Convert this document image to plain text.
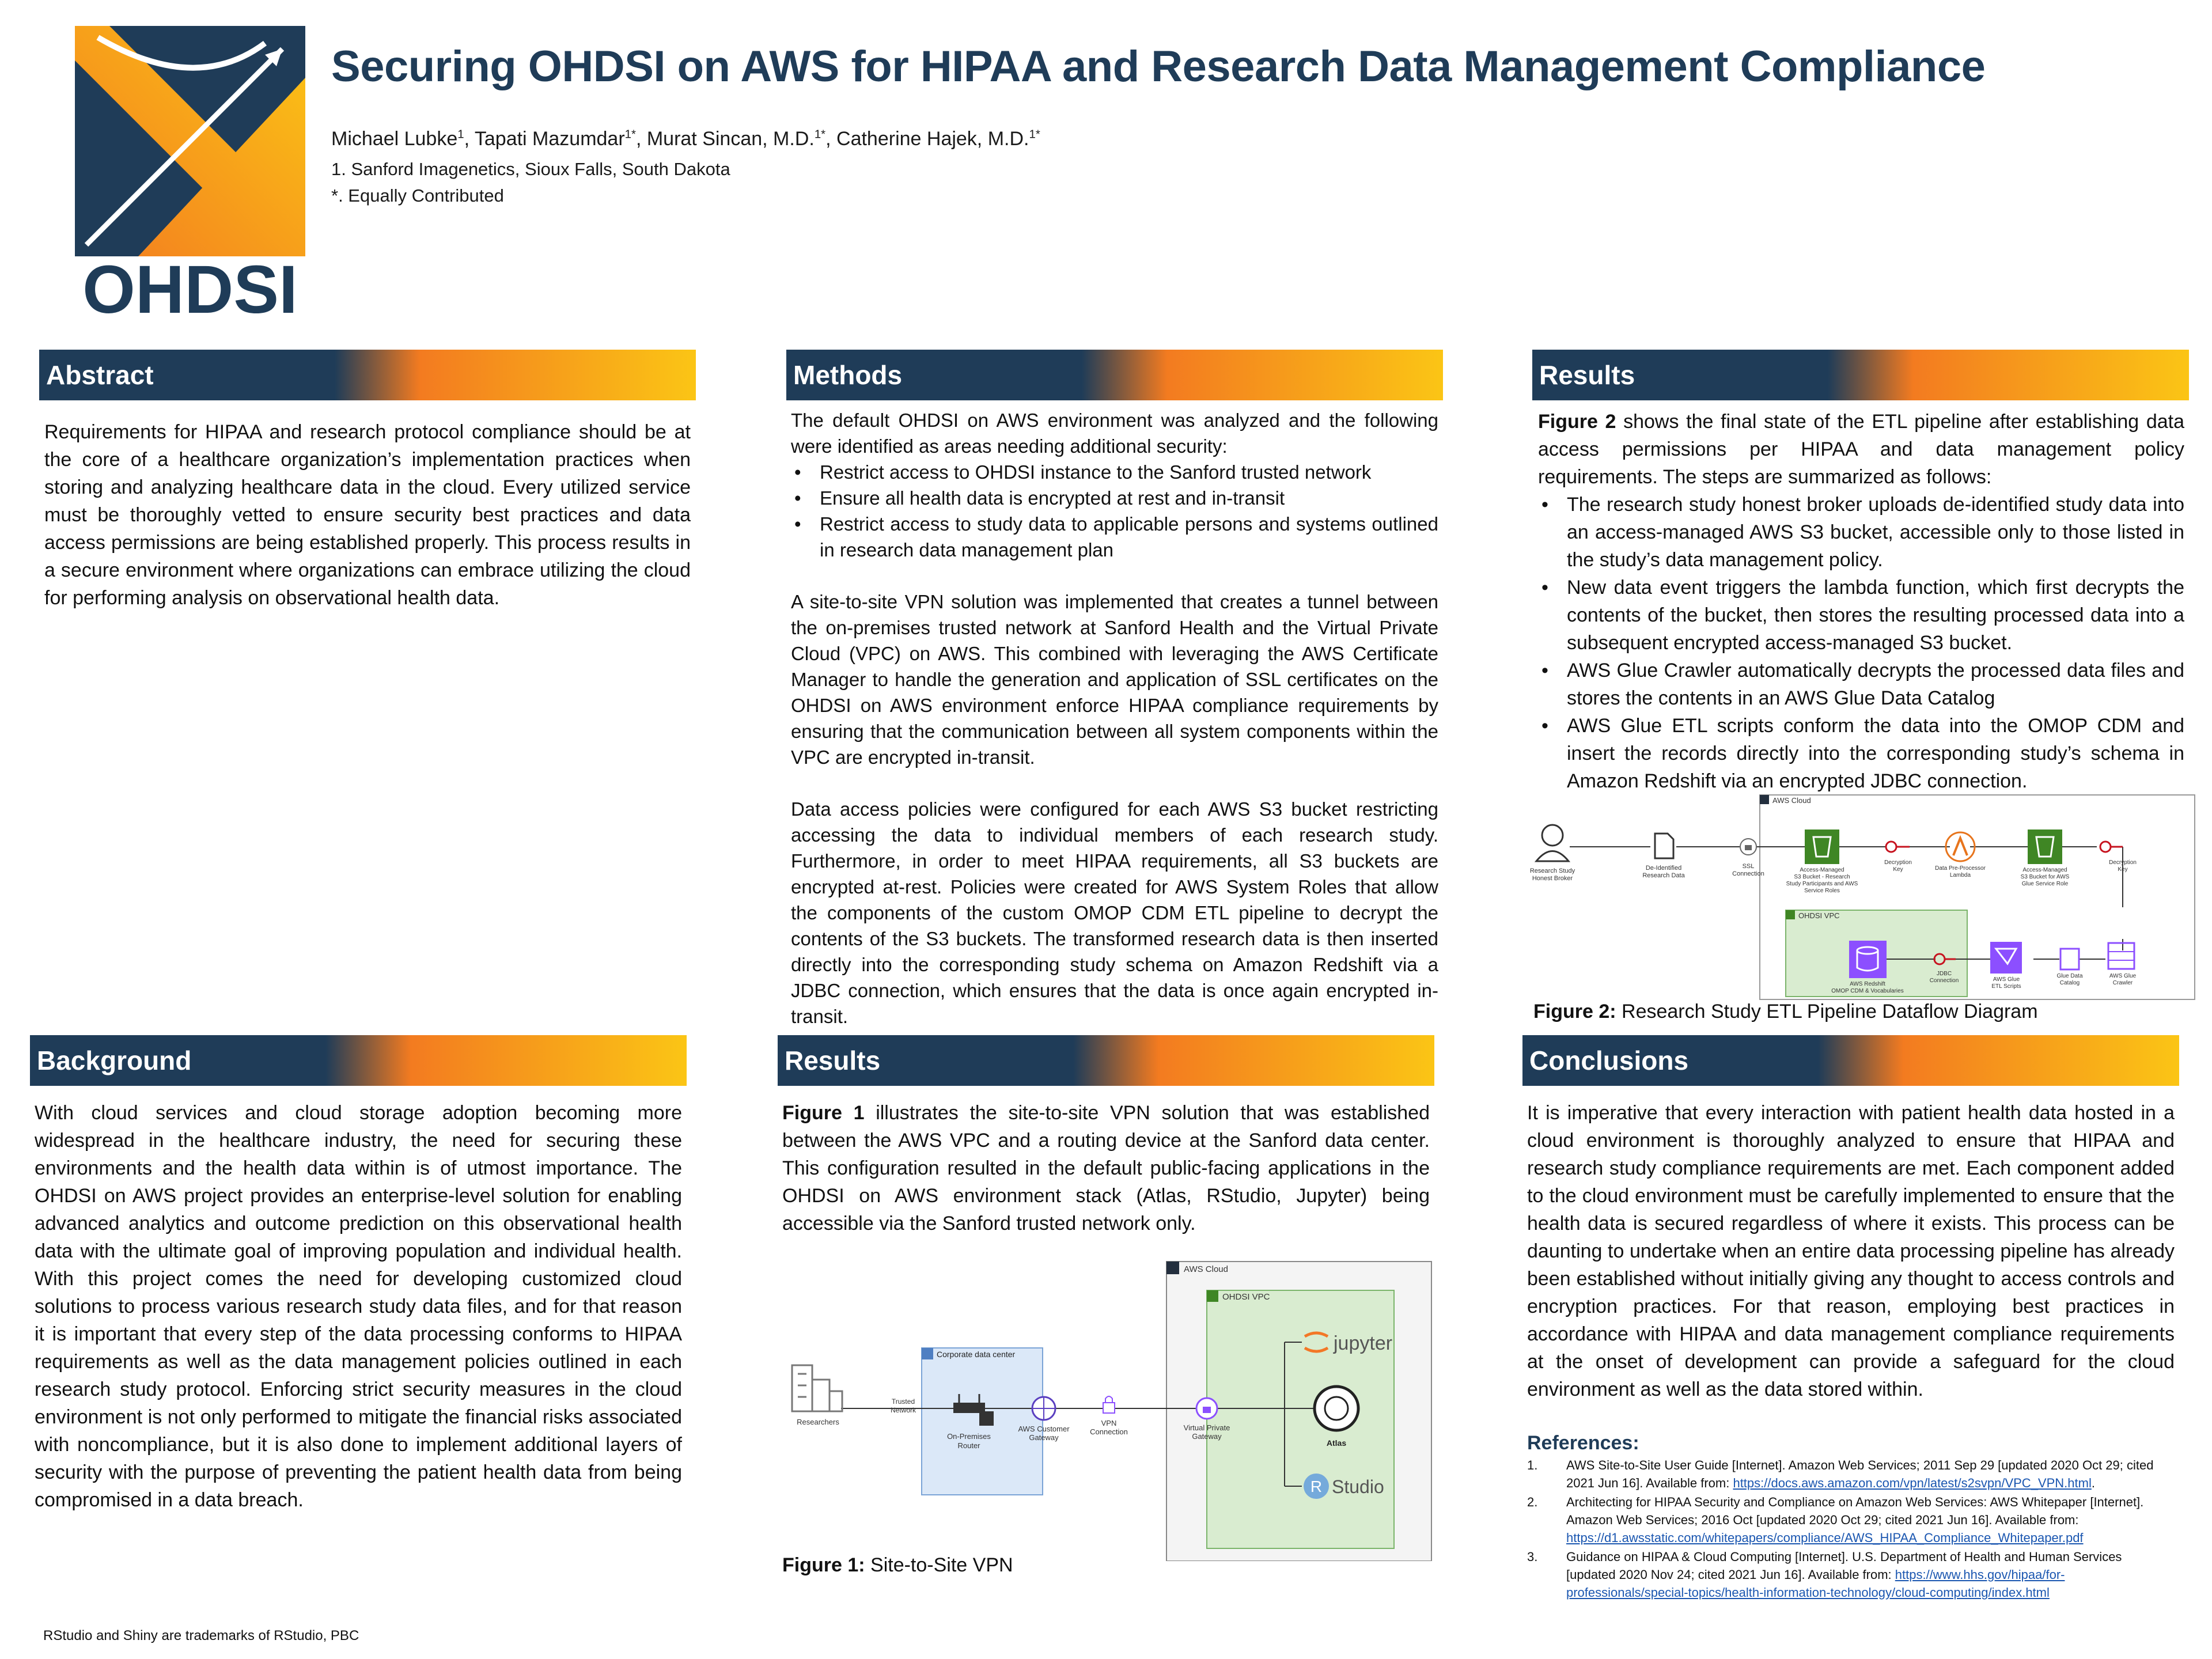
OHDSI
Securing OHDSI on AWS for HIPAA and Research Data Management Compliance
Michael Lubke$^1$, Tapati Mazumdar$^{1*}$, Murat Sincan, M.D.$^{1*}$, Catherine Hajek, M.D.$^{1*}$
1. Sanford Imagenetics, Sioux Falls, South Dakota
*. Equally Contributed
Abstract
Requirements for HIPAA and research protocol compliance should be at the core of a healthcare organization’s implementation practices when storing and analyzing healthcare data in the cloud. Every utilized service must be thoroughly vetted to ensure security best practices and data access permissions are being established properly. This process results in a secure environment where organizations can embrace utilizing the cloud for performing analysis on observational health data.
Methods
The default OHDSI on AWS environment was analyzed and the following were identified as areas needing additional security:
• Restrict access to OHDSI instance to the Sanford trusted network
• Ensure all health data is encrypted at rest and in-transit
• Restrict access to study data to applicable persons and systems outlined in research data management plan
A site-to-site VPN solution was implemented that creates a tunnel between the on-premises trusted network at Sanford Health and the Virtual Private Cloud (VPC) on AWS. This combined with leveraging the AWS Certificate Manager to handle the generation and application of SSL certificates on the OHDSI on AWS environment enforce HIPAA compliance requirements by ensuring that the communication between all system components within the VPC are encrypted in-transit.
Data access policies were configured for each AWS S3 bucket restricting accessing the data to individual members of each research study. Furthermore, in order to meet HIPAA requirements, all S3 buckets are encrypted at-rest. Policies were created for AWS System Roles that allow the components of the custom OMOP CDM ETL pipeline to decrypt the contents of the S3 buckets. The transformed research data is then inserted directly into the corresponding study schema on Amazon Redshift via a JDBC connection, which ensures that the data is once again encrypted in-transit.
Results
Figure 2 shows the final state of the ETL pipeline after establishing data access permissions per HIPAA and data management policy requirements. The steps are summarized as follows:
• The research study honest broker uploads de-identified study data into an access-managed AWS S3 bucket, accessible only to those listed in the study’s data management policy.
• New data event triggers the lambda function, which first decrypts the contents of the bucket, then stores the resulting processed data into a subsequent encrypted access-managed S3 bucket.
• AWS Glue Crawler automatically decrypts the processed data files and stores the contents in an AWS Glue Data Catalog
• AWS Glue ETL scripts conform the data into the OMOP CDM and insert the records directly into the corresponding study’s schema in Amazon Redshift via an encrypted JDBC connection.
AWS Cloud
OHDSI VPC
Research Study Honest Broker
De-Identified Research Data
SSL Connection
Access-Managed S3 Bucket - Research Study Participants and AWS Service Roles
Decryption Key	Data Pre-Processor Lambda
Access-Managed S3 Bucket for AWS Glue Service Role
Decryption Key
AWS Glue Crawler
Glue Data Catalog
AWS Glue ETL Scripts
JDBC Connection
AWS Redshift OMOP CDM & Vocabularies
Figure 2: Research Study ETL Pipeline Dataflow Diagram
Background
With cloud services and cloud storage adoption becoming more widespread in the healthcare industry, the need for securing these environments and the health data within is of utmost importance. The OHDSI on AWS project provides an enterprise-level solution for enabling advanced analytics and outcome prediction on this observational health data with the ultimate goal of improving population and individual health. With this project comes the need for developing customized cloud solutions to process various research study data files, and for that reason it is important that every step of the data processing conforms to HIPAA requirements as well as the data management policies outlined in each research study protocol. Enforcing strict security measures in the cloud environment is not only performed to mitigate the financial risks associated with noncompliance, but it is also done to implement additional layers of security with the purpose of preventing the patient health data from being compromised in a data breach.
Results
Figure 1 illustrates the site-to-site VPN solution that was established between the AWS VPC and a routing device at the Sanford data center. This configuration resulted in the default public-facing applications in the OHDSI on AWS environment stack (Atlas, RStudio, Jupyter) being accessible via the Sanford trusted network only.
AWS Cloud
OHDSI VPC
Corporate data center
Researchers
Trusted Network
On-Premises Router
AWS Customer Gateway
VPN Connection	Virtual Private Gateway
jupyter
Atlas
R Studio
Figure 1: Site-to-Site VPN
Conclusions
It is imperative that every interaction with patient health data hosted in a cloud environment is thoroughly analyzed to ensure that HIPAA and research study compliance requirements are met. Each component added to the cloud environment must be carefully implemented to ensure that the health data is secured regardless of where it exists. This process can be daunting to undertake when an entire data processing pipeline has already been established without initially giving any thought to access controls and encryption practices. For that reason, employing best practices in accordance with HIPAA and data management compliance requirements at the onset of development can provide a safeguard for the cloud environment as well as the data stored within.
References:
1. AWS Site-to-Site User Guide [Internet]. Amazon Web Services; 2011 Sep 29 [updated 2020 Oct 29; cited 2021 Jun 16]. Available from: https://docs.aws.amazon.com/vpn/latest/s2svpn/VPC_VPN.html.
2. Architecting for HIPAA Security and Compliance on Amazon Web Services: AWS Whitepaper [Internet]. Amazon Web Services; 2016 Oct [updated 2020 Oct 29; cited 2021 Jun 16]. Available from: https://d1.awsstatic.com/whitepapers/compliance/AWS_HIPAA_Compliance_Whitepaper.pdf
3. Guidance on HIPAA & Cloud Computing [Internet]. U.S. Department of Health and Human Services [updated 2020 Nov 24; cited 2021 Jun 16]. Available from: https://www.hhs.gov/hipaa/for-professionals/special-topics/health-information-technology/cloud-computing/index.html
RStudio and Shiny are trademarks of RStudio, PBC
